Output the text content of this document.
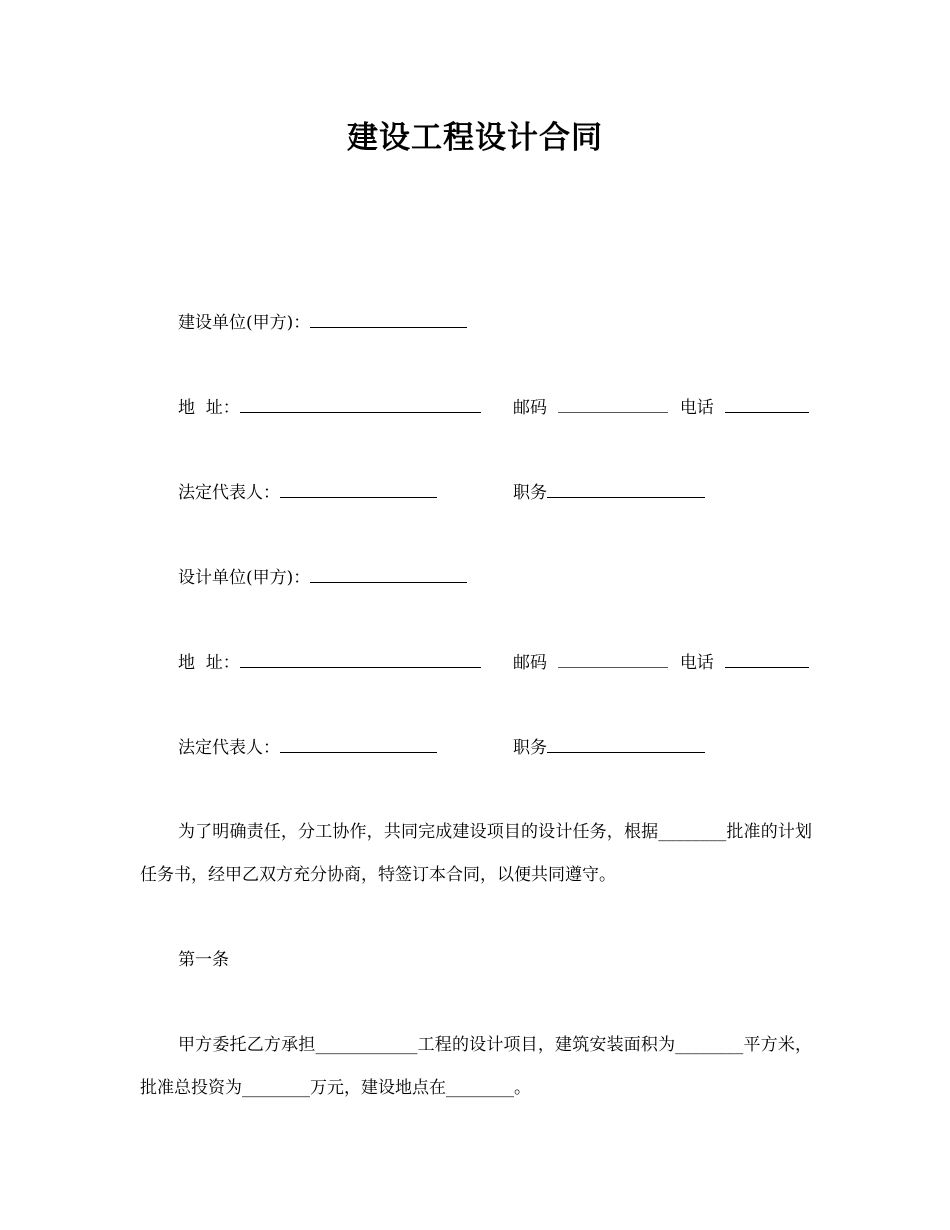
建设工程设计合同
建设单位(甲方)：
地  址：	邮码	电话
法定代表人：	职务
设计单位(甲方)：
地  址：	邮码	电话
法定代表人：	职务
为了明确责任，分工协作，共同完成建设项目的设计任务，根据________批准的计划任务书，经甲乙双方充分协商，特签订本合同，以便共同遵守。
第一条
甲方委托乙方承担____________工程的设计项目，建筑安装面积为________平方米，批准总投资为________万元，建设地点在________。
